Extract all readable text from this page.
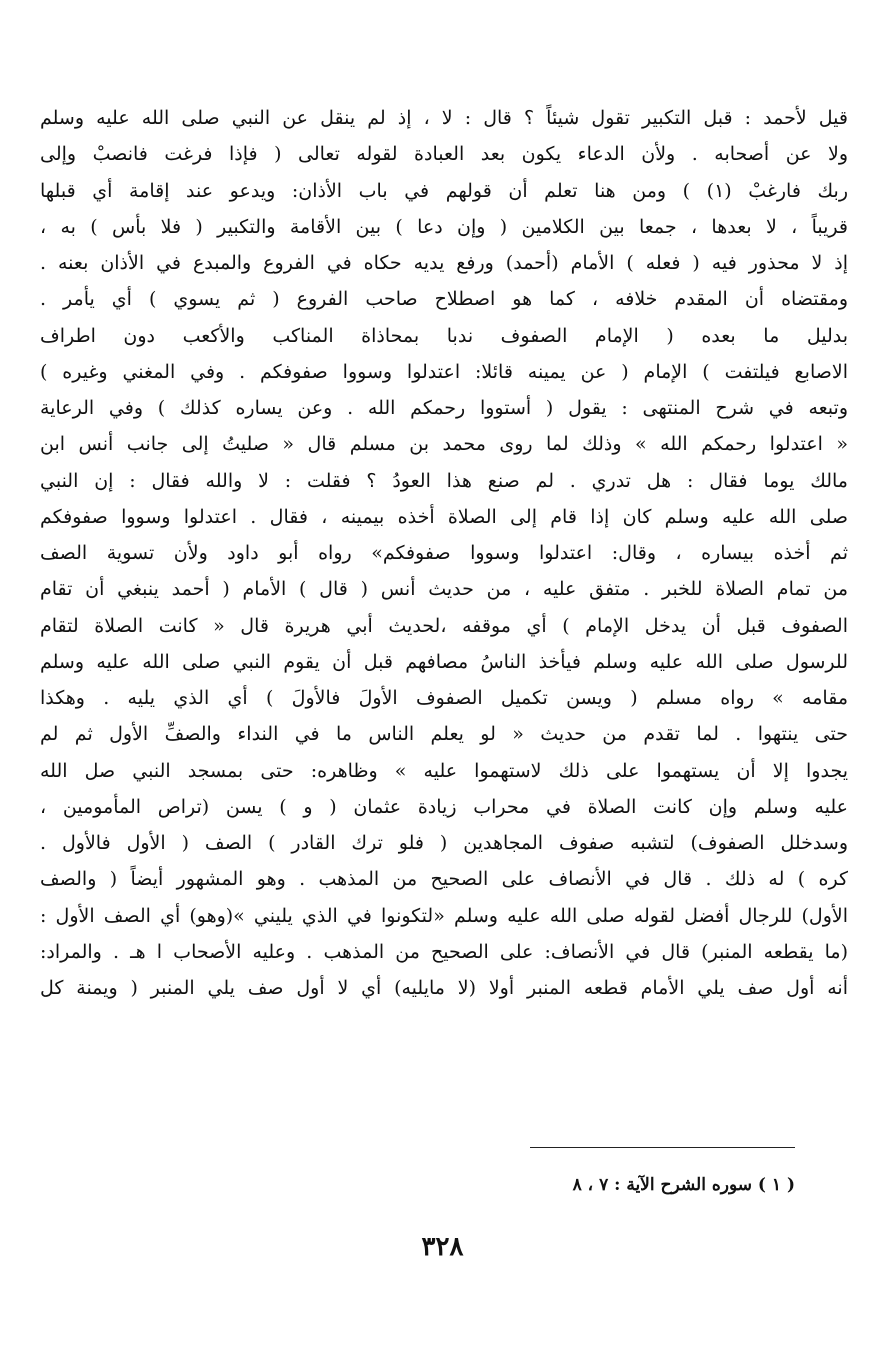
قيل لأحمد : قبل التكبير تقول شيئاً ؟ قال : لا ، إذ لم ينقل عن النبي صلى الله عليه وسلم
ولا عن أصحابه . ولأن الدعاء يكون بعد العبادة لقوله تعالى ( فإذا فرغت فانصبْ وإلى
ربك فارغبْ (١) ) ومن هنا تعلم أن قولهم في باب الأذان: ويدعو عند إقامة أي قبلها
قريباً ، لا بعدها ، جمعا بين الكلامين ( وإن دعا ) بين الأقامة والتكبير ( فلا بأس ) به ،
إذ لا محذور فيه ( فعله ) الأمام (أحمد) ورفع يديه حكاه في الفروع والمبدع في الأذان بعنه .
ومقتضاه أن المقدم خلافه ، كما هو اصطلاح صاحب الفروع ( ثم يسوي ) أي يأمر .
بدليل ما بعده ( الإمام الصفوف ندبا بمحاذاة المناكب والأكعب دون اطراف
الاصابع فيلتفت ) الإمام ( عن يمينه قائلا: اعتدلوا وسووا صفوفكم . وفي المغني وغيره )
وتبعه في شرح المنتهى : يقول ( أستووا رحمكم الله . وعن يساره كذلك ) وفي الرعاية
« اعتدلوا رحمكم الله » وذلك لما روى محمد بن مسلم قال « صليتُ إلى جانب أنس ابن
مالك يوما فقال : هل تدري . لم صنع هذا العودُ ؟ فقلت : لا والله فقال : إن النبي
صلى الله عليه وسلم كان إذا قام إلى الصلاة أخذه بيمينه ، فقال . اعتدلوا وسووا صفوفكم
ثم أخذه بيساره ، وقال: اعتدلوا وسووا صفوفكم» رواه أبو داود ولأن تسوية الصف
من تمام الصلاة للخبر . متفق عليه ، من حديث أنس ( قال ) الأمام ( أحمد ينبغي أن تقام
الصفوف قبل أن يدخل الإمام ) أي موقفه ،لحديث أبي هريرة قال « كانت الصلاة لتقام
للرسول صلى الله عليه وسلم فيأخذ الناسُ مصافهم قبل أن يقوم النبي صلى الله عليه وسلم
مقامه » رواه مسلم ( ويسن تكميل الصفوف الأولَ فالأولَ ) أي الذي يليه . وهكذا
حتى ينتهوا . لما تقدم من حديث « لو يعلم الناس ما في النداء والصفِّ الأول ثم لم
يجدوا إلا أن يستهموا على ذلك لاستهموا عليه » وظاهره: حتى بمسجد النبي صل الله
عليه وسلم وإن كانت الصلاة في محراب زيادة عثمان ( و ) يسن (تراص المأمومين ،
وسدخلل الصفوف) لتشبه صفوف المجاهدين ( فلو ترك القادر ) الصف ( الأول فالأول .
كره ) له ذلك . قال في الأنصاف على الصحيح من المذهب . وهو المشهور أيضاً ( والصف
الأول) للرجال أفضل لقوله صلى الله عليه وسلم «لتكونوا في الذي يليني »(وهو) أي الصف الأول :
(ما يقطعه المنبر) قال في الأنصاف: على الصحيح من المذهب . وعليه الأصحاب ا هـ . والمراد:
أنه أول صف يلي الأمام قطعه المنبر أولا (لا مايليه) أي لا أول صف يلي المنبر ( ويمنة كل
( ١ ) سوره الشرح الآية : ٧ ، ٨
٣٢٨
